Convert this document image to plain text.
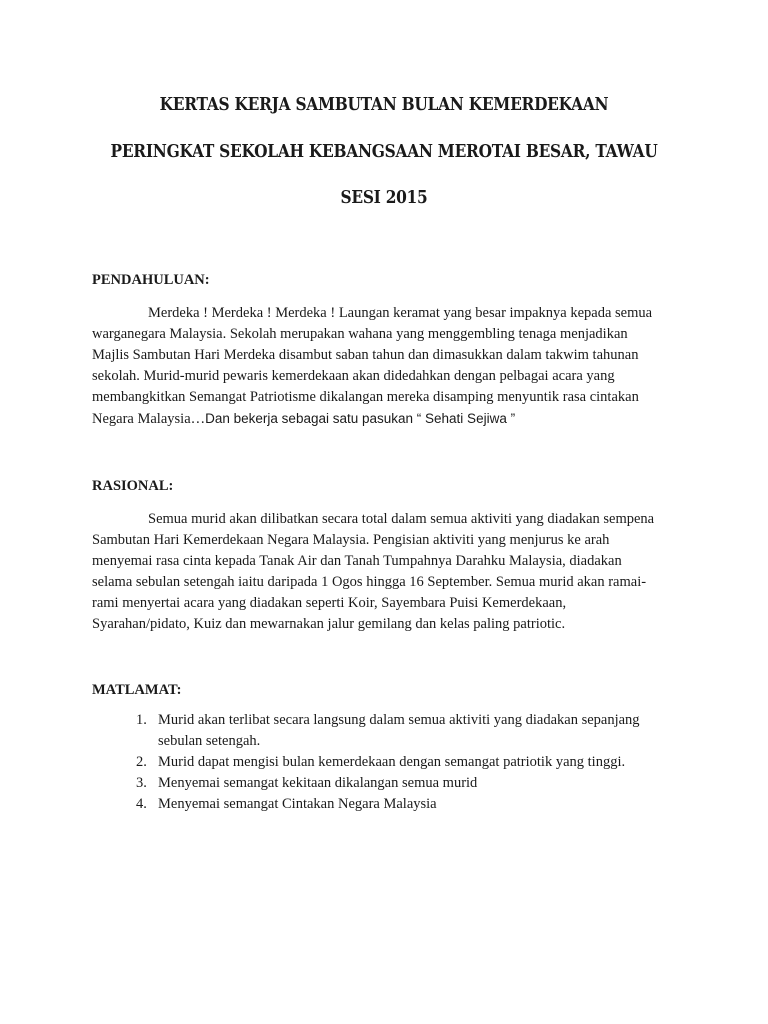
KERTAS KERJA SAMBUTAN BULAN KEMERDEKAAN
PERINGKAT SEKOLAH KEBANGSAAN MEROTAI BESAR, TAWAU
SESI 2015
PENDAHULUAN:
Merdeka ! Merdeka ! Merdeka ! Laungan keramat yang besar impaknya kepada semua
warganegara Malaysia. Sekolah merupakan wahana yang menggembling tenaga menjadikan
Majlis Sambutan Hari Merdeka disambut saban tahun dan dimasukkan dalam takwim tahunan
sekolah. Murid-murid pewaris kemerdekaan akan didedahkan dengan pelbagai acara yang
membangkitkan Semangat Patriotisme dikalangan mereka disamping menyuntik rasa cintakan
Negara Malaysia…Dan bekerja sebagai satu pasukan “ Sehati Sejiwa ”
RASIONAL:
Semua murid akan dilibatkan secara total dalam semua aktiviti yang diadakan sempena
Sambutan Hari Kemerdekaan Negara Malaysia. Pengisian aktiviti yang menjurus ke arah
menyemai rasa cinta kepada Tanak Air dan Tanah Tumpahnya Darahku Malaysia, diadakan
selama sebulan setengah iaitu daripada 1 Ogos hingga 16 September. Semua murid akan ramai-
rami menyertai acara yang diadakan seperti Koir, Sayembara Puisi Kemerdekaan,
Syarahan/pidato, Kuiz dan mewarnakan jalur gemilang dan kelas paling patriotic.
MATLAMAT:
1. Murid akan terlibat secara langsung dalam semua aktiviti yang diadakan sepanjang
sebulan setengah.
2. Murid dapat mengisi bulan kemerdekaan dengan semangat patriotik yang tinggi.
3. Menyemai semangat kekitaan dikalangan semua murid
4. Menyemai semangat Cintakan Negara Malaysia
